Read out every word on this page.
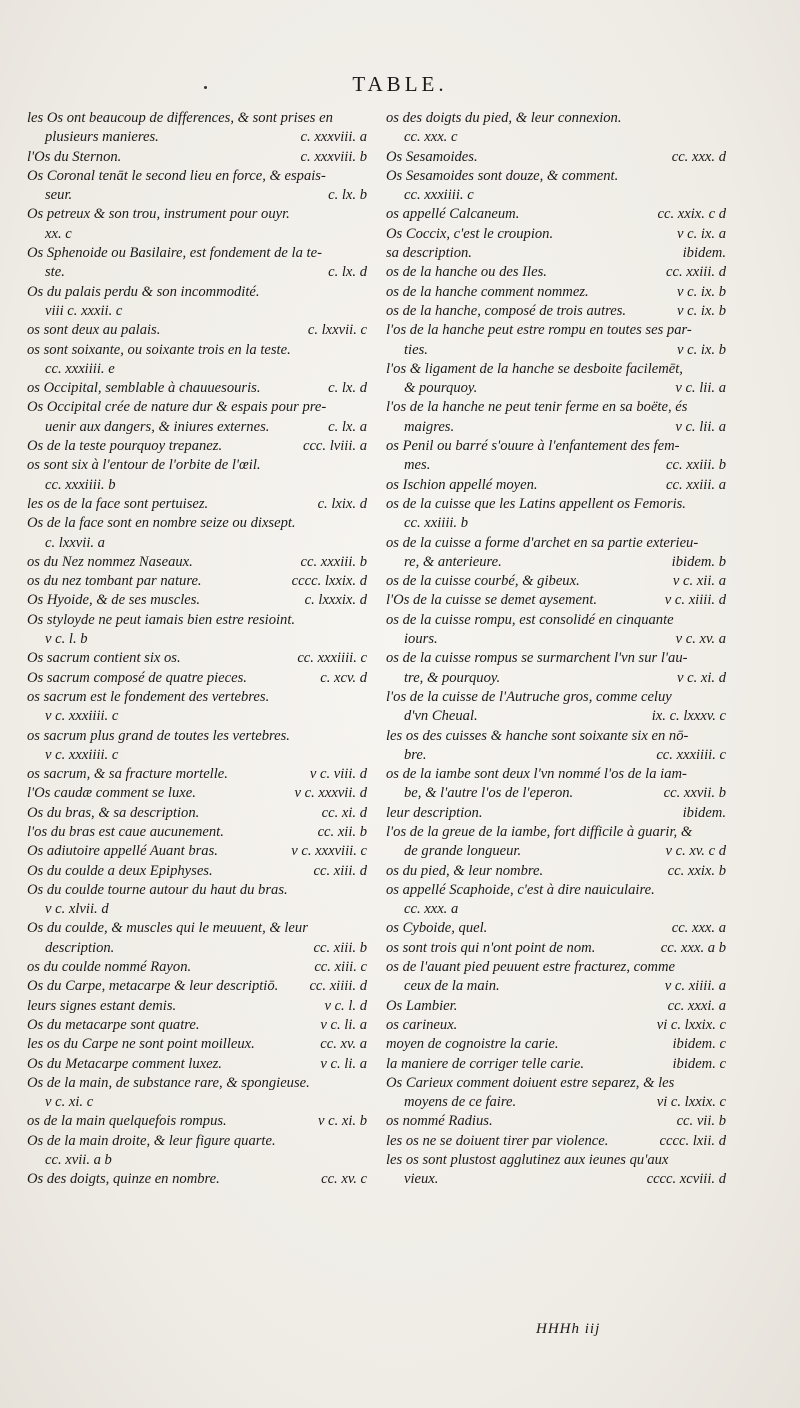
TABLE.
les Os ont beaucoup de differences, & sont prises en
plusieurs manieres.	c. xxxviii. a
l'Os du Sternon.	c. xxxviii. b
Os Coronal tenāt le second lieu en force, & espais-
seur.	c. lx. b
Os petreux & son trou, instrument pour ouyr.
xx. c
Os Sphenoide ou Basilaire, est fondement de la te-
ste.	c. lx. d
Os du palais perdu & son incommodité.
viii c. xxxii. c
os sont deux au palais.	c. lxxvii. c
os sont soixante, ou soixante trois en la teste.
cc. xxxiiii. e
os Occipital, semblable à chauuesouris.	c. lx. d
Os Occipital crée de nature dur & espais pour pre-
uenir aux dangers, & iniures externes.	c. lx. a
Os de la teste pourquoy trepanez.	ccc. lviii. a
os sont six à l'entour de l'orbite de l'œil.
cc. xxxiiii. b
les os de la face sont pertuisez.	c. lxix. d
Os de la face sont en nombre seize ou dixsept.
c. lxxvii. a
os du Nez nommez Naseaux.	cc. xxxiii. b
os du nez tombant par nature.	cccc. lxxix. d
Os Hyoide, & de ses muscles.	c. lxxxix. d
Os styloyde ne peut iamais bien estre resioint.
v c. l. b
Os sacrum contient six os.	cc. xxxiiii. c
Os sacrum composé de quatre pieces.	c. xcv. d
os sacrum est le fondement des vertebres.
v c. xxxiiii. c
os sacrum plus grand de toutes les vertebres.
v c. xxxiiii. c
os sacrum, & sa fracture mortelle.	v c. viii. d
l'Os caudæ comment se luxe.	v c. xxxvii. d
Os du bras, & sa description.	cc. xi. d
l'os du bras est caue aucunement.	cc. xii. b
Os adiutoire appellé Auant bras.	v c. xxxviii. c
Os du coulde a deux Epiphyses.	cc. xiii. d
Os du coulde tourne autour du haut du bras.
v c. xlvii. d
Os du coulde, & muscles qui le meuuent, & leur
description.	cc. xiii. b
os du coulde nommé Rayon.	cc. xiii. c
Os du Carpe, metacarpe & leur descriptiō. cc. xiiii. d
leurs signes estant demis.	v c. l. d
Os du metacarpe sont quatre.	v c. li. a
les os du Carpe ne sont point moilleux.	cc. xv. a
Os du Metacarpe comment luxez.	v c. li. a
Os de la main, de substance rare, & spongieuse.
v c. xi. c
os de la main quelquefois rompus.	v c. xi. b
Os de la main droite, & leur figure quarte.
cc. xvii. a b
Os des doigts, quinze en nombre.	cc. xv. c
os des doigts du pied, & leur connexion.
cc. xxx. c
Os Sesamoides.	cc. xxx. d
Os Sesamoides sont douze, & comment.
cc. xxxiiii. c
os appellé Calcaneum.	cc. xxix. c d
Os Coccix, c'est le croupion.	v c. ix. a
sa description.	ibidem.
os de la hanche ou des Iles.	cc. xxiii. d
os de la hanche comment nommez.	v c. ix. b
os de la hanche, composé de trois autres.	v c. ix. b
l'os de la hanche peut estre rompu en toutes ses par-
ties.	v c. ix. b
l'os & ligament de la hanche se desboite facilemēt,
& pourquoy.	v c. lii. a
l'os de la hanche ne peut tenir ferme en sa boëte, és
maigres.	v c. lii. a
os Penil ou barré s'ouure à l'enfantement des fem-
mes.	cc. xxiii. b
os Ischion appellé moyen.	cc. xxiii. a
os de la cuisse que les Latins appellent os Femoris.
cc. xxiiii. b
os de la cuisse a forme d'archet en sa partie exterieu-
re, & anterieure.	ibidem. b
os de la cuisse courbé, & gibeux.	v c. xii. a
l'Os de la cuisse se demet aysement.	v c. xiiii. d
os de la cuisse rompu, est consolidé en cinquante
iours.	v c. xv. a
os de la cuisse rompus se surmarchent l'vn sur l'au-
tre, & pourquoy.	v c. xi. d
l'os de la cuisse de l'Autruche gros, comme celuy
d'vn Cheual.	ix. c. lxxxv. c
les os des cuisses & hanche sont soixante six en nō-
bre.	cc. xxxiiii. c
os de la iambe sont deux l'vn nommé l'os de la iam-
be, & l'autre l'os de l'eperon.	cc. xxvii. b
leur description.	ibidem.
l'os de la greue de la iambe, fort difficile à guarir, &
de grande longueur.	v c. xv. c d
os du pied, & leur nombre.	cc. xxix. b
os appellé Scaphoide, c'est à dire nauiculaire.
cc. xxx. a
os Cyboide, quel.	cc. xxx. a
os sont trois qui n'ont point de nom.	cc. xxx. a b
os de l'auant pied peuuent estre fracturez, comme
ceux de la main.	v c. xiiii. a
Os Lambier.	cc. xxxi. a
os carineux.	vi c. lxxix. c
moyen de cognoistre la carie.	ibidem. c
la maniere de corriger telle carie.	ibidem. c
Os Carieux comment doiuent estre separez, & les
moyens de ce faire.	vi c. lxxix. c
os nommé Radius.	cc. vii. b
les os ne se doiuent tirer par violence.	cccc. lxii. d
les os sont plustost agglutinez aux ieunes qu'aux
vieux.	cccc. xcviii. d
HHHh iij
